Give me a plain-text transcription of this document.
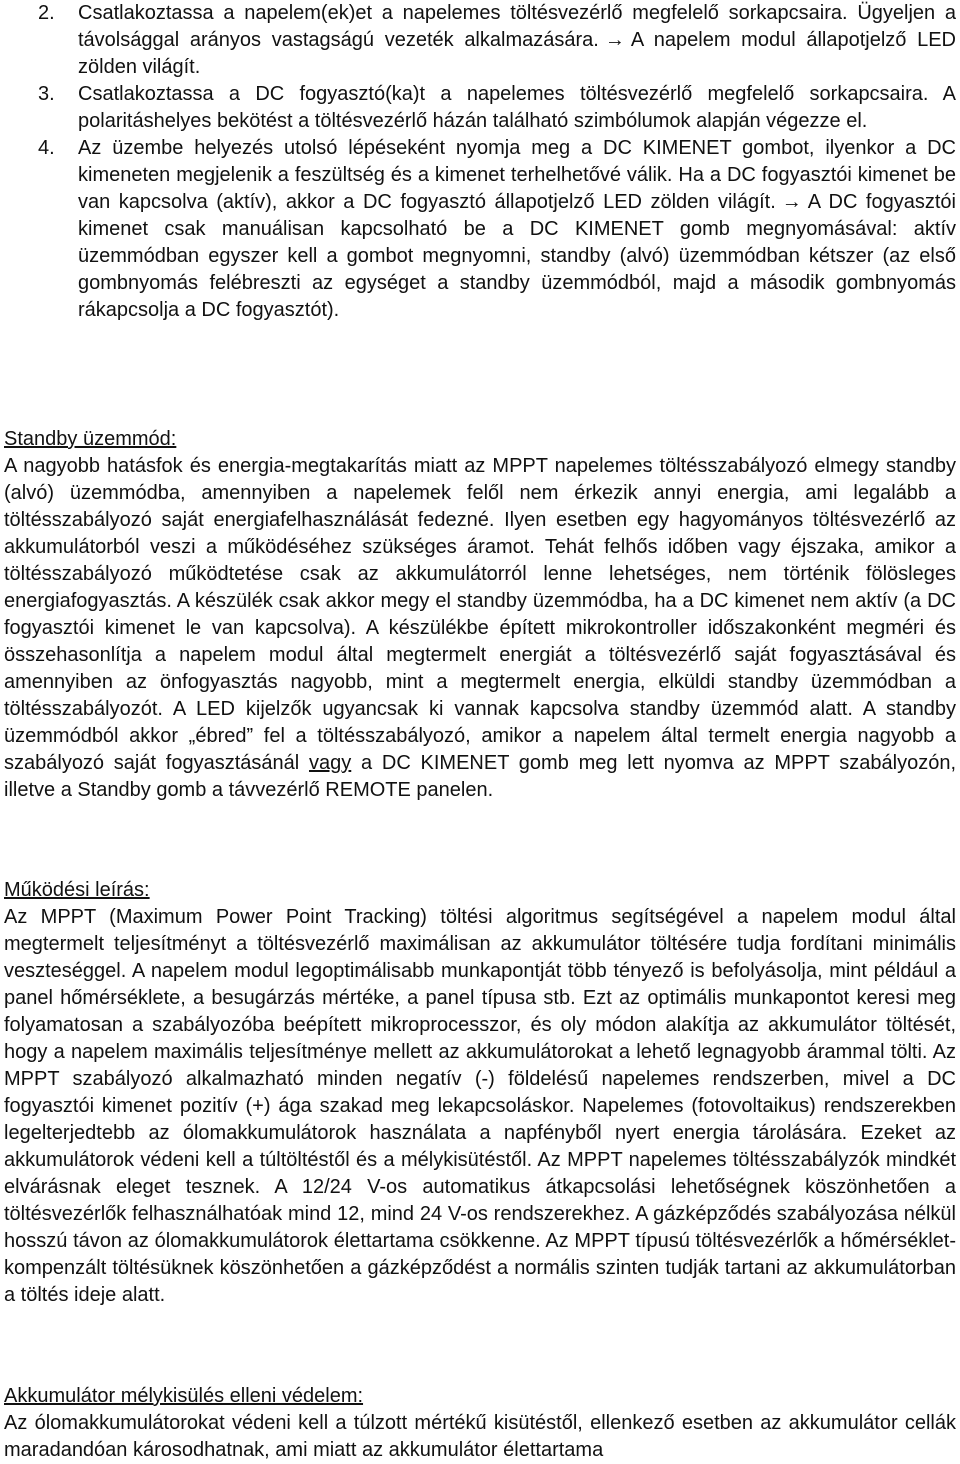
2. Csatlakoztassa a napelem(ek)et a napelemes töltésvezérlő megfelelő sorkapcsaira. Ügyeljen a távolsággal arányos vastagságú vezeték alkalmazására. → A napelem modul állapotjelző LED zölden világít.

3. Csatlakoztassa a DC fogyasztó(ka)t a napelemes töltésvezérlő megfelelő sorkapcsaira. A polaritáshelyes bekötést a töltésvezérlő házán található szimbólumok alapján végezze el.

4. Az üzembe helyezés utolsó lépéseként nyomja meg a DC KIMENET gombot, ilyenkor a DC kimeneten megjelenik a feszültség és a kimenet terhelhetővé válik. Ha a DC fogyasztói kimenet be van kapcsolva (aktív), akkor a DC fogyasztó állapotjelző LED zölden világít. → A DC fogyasztói kimenet csak manuálisan kapcsolható be a DC KIMENET gomb megnyomásával: aktív üzemmódban egyszer kell a gombot megnyomni, standby (alvó) üzemmódban kétszer (az első gombnyomás felébreszti az egységet a standby üzemmódból, majd a második gombnyomás rákapcsolja a DC fogyasztót).

Standby üzemmód:

A nagyobb hatásfok és energia-megtakarítás miatt az MPPT napelemes töltésszabályozó elmegy standby (alvó) üzemmódba, amennyiben a napelemek felől nem érkezik annyi energia, ami legalább a töltésszabályozó saját energiafelhasználását fedezné. Ilyen esetben egy hagyományos töltésvezérlő az akkumulátorból veszi a működéséhez szükséges áramot. Tehát felhős időben vagy éjszaka, amikor a töltésszabályozó működtetése csak az akkumulátorról lenne lehetséges, nem történik fölösleges energiafogyasztás. A készülék csak akkor megy el standby üzemmódba, ha a DC kimenet nem aktív (a DC fogyasztói kimenet le van kapcsolva). A készülékbe épített mikrokontroller időszakonként megméri és összehasonlítja a napelem modul által megtermelt energiát a töltésvezérlő saját fogyasztásával és amennyiben az önfogyasztás nagyobb, mint a megtermelt energia, elküldi standby üzemmódban a töltésszabályozót. A LED kijelzők ugyancsak ki vannak kapcsolva standby üzemmód alatt. A standby üzemmódból akkor „ébred” fel a töltésszabályozó, amikor a napelem által termelt energia nagyobb a szabályozó saját fogyasztásánál vagy a DC KIMENET gomb meg lett nyomva az MPPT szabályozón, illetve a Standby gomb a távvezérlő REMOTE panelen.

Működési leírás:

Az MPPT (Maximum Power Point Tracking) töltési algoritmus segítségével a napelem modul által megtermelt teljesítményt a töltésvezérlő maximálisan az akkumulátor töltésére tudja fordítani minimális veszteséggel. A napelem modul legoptimálisabb munkapontját több tényező is befolyásolja, mint például a panel hőmérséklete, a besugárzás mértéke, a panel típusa stb. Ezt az optimális munkapontot keresi meg folyamatosan a szabályozóba beépített mikroprocesszor, és oly módon alakítja az akkumulátor töltését, hogy a napelem maximális teljesítménye mellett az akkumulátorokat a lehető legnagyobb árammal tölti. Az MPPT szabályozó alkalmazható minden negatív (-) földelésű napelemes rendszerben, mivel a DC fogyasztói kimenet pozitív (+) ága szakad meg lekapcsoláskor. Napelemes (fotovoltaikus) rendszerekben legelterjedtebb az ólomakkumulátorok használata a napfényből nyert energia tárolására. Ezeket az akkumulátorok védeni kell a túltöltéstől és a mélykisütéstől. Az MPPT napelemes töltésszabályzók mindkét elvárásnak eleget tesznek. A 12/24 V-os automatikus átkapcsolási lehetőségnek köszönhetően a töltésvezérlők felhasználhatóak mind 12, mind 24 V-os rendszerekhez. A gázképződés szabályozása nélkül hosszú távon az ólomakkumulátorok élettartama csökkenne. Az MPPT típusú töltésvezérlők a hőmérséklet-kompenzált töltésüknek köszönhetően a gázképződést a normális szinten tudják tartani az akkumulátorban a töltés ideje alatt.

Akkumulátor mélykisülés elleni védelem:

Az ólomakkumulátorokat védeni kell a túlzott mértékű kisütéstől, ellenkező esetben az akkumulátor cellák maradandóan károsodhatnak, ami miatt az akkumulátor élettartama
